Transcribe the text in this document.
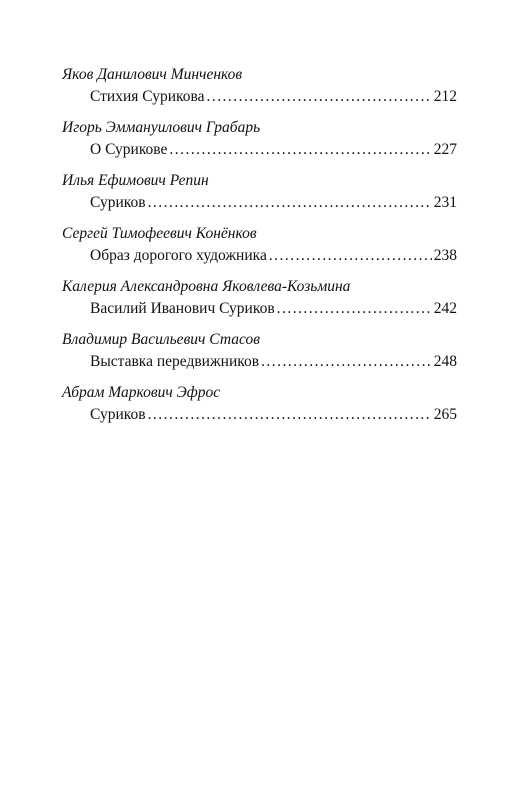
Яков Данилович Минченков
Стихия Сурикова . . .	212
Игорь Эммануилович Грабарь
О Сурикове . . .	227
Илья Ефимович Репин
Суриков . . .	231
Сергей Тимофеевич Конёнков
Образ дорогого художника . . .	238
Калерия Александровна Яковлева-Козьмина
Василий Иванович Суриков . . .	242
Владимир Васильевич Стасов
Выставка передвижников . . .	248
Абрам Маркович Эфрос
Суриков . . .	265
